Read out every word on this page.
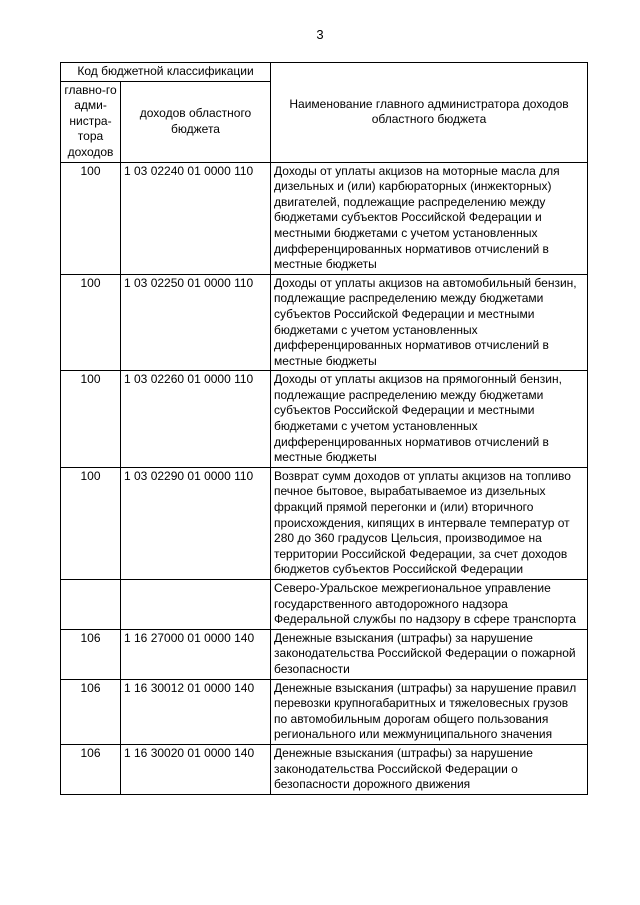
3
Код бюджетной классификации		Наименование главного администратора доходов областного бюджета
главно-го адми-нистра-тора доходов	доходов областного бюджета	
100	1 03 02240 01 0000 110	Доходы от уплаты акцизов на моторные масла для дизельных и (или) карбюраторных (инжекторных) двигателей, подлежащие распределению между бюджетами субъектов Российской Федерации и местными бюджетами с учетом установленных дифференцированных нормативов отчислений в местные бюджеты
100	1 03 02250 01 0000 110	Доходы от уплаты акцизов на автомобильный бензин, подлежащие распределению между бюджетами субъектов Российской Федерации и местными бюджетами с учетом установленных дифференцированных нормативов отчислений в местные бюджеты
100	1 03 02260 01 0000 110	Доходы от уплаты акцизов на прямогонный бензин, подлежащие распределению между бюджетами субъектов Российской Федерации и местными бюджетами с учетом установленных дифференцированных нормативов отчислений в местные бюджеты
100	1 03 02290 01 0000 110	Возврат сумм доходов от уплаты акцизов на топливо печное бытовое, вырабатываемое из дизельных фракций прямой перегонки и (или) вторичного происхождения, кипящих в интервале температур от 280 до 360 градусов Цельсия, производимое на территории Российской Федерации, за счет доходов бюджетов субъектов Российской Федерации
		Северо-Уральское межрегиональное управление государственного автодорожного надзора Федеральной службы по надзору в сфере транспорта
106	1 16 27000 01 0000 140	Денежные взыскания (штрафы) за нарушение законодательства Российской Федерации о пожарной безопасности
106	1 16 30012 01 0000 140	Денежные взыскания (штрафы) за нарушение правил перевозки крупногабаритных и тяжеловесных грузов по автомобильным дорогам общего пользования регионального или межмуниципального значения
106	1 16 30020 01 0000 140	Денежные взыскания (штрафы) за нарушение законодательства Российской Федерации о безопасности дорожного движения
